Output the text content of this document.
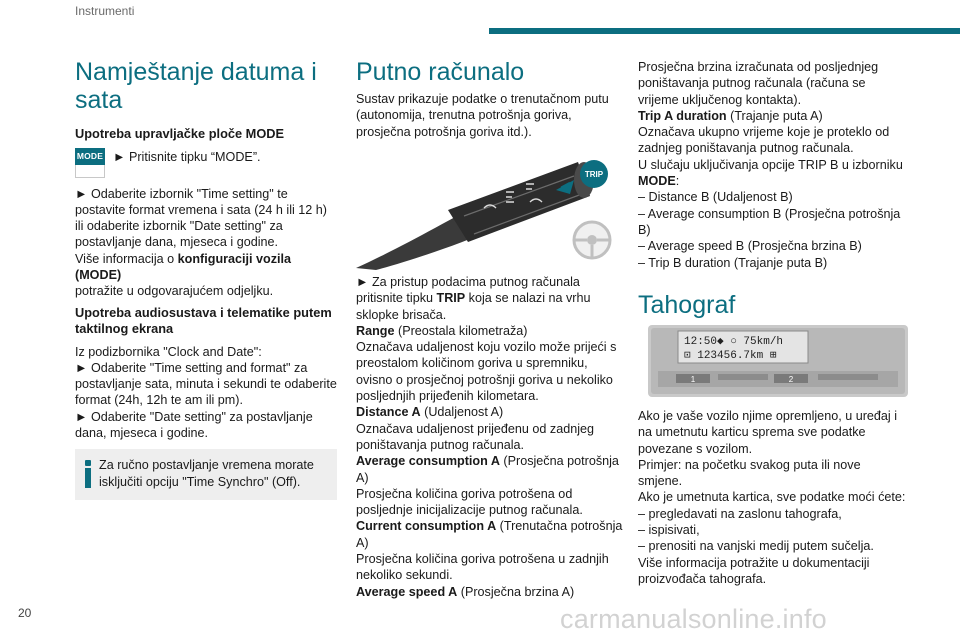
Instrumenti
Namještanje datuma i sata
Upotreba upravljačke ploče MODE
MODE ► Pritisnite tipku “MODE”.

► Odaberite izbornik "Time setting" te postavite format vremena i sata (24 h ili 12 h) ili odaberite izbornik "Date setting" za postavljanje dana, mjeseca i godine.

Više informacija o konfiguraciji vozila (MODE)
potražite u odgovarajućem odjeljku.

Upotreba audiosustava i telematike putem taktilnog ekrana

Iz podizbornika "Clock and Date":

► Odaberite "Time setting and format" za postavljanje sata, minuta i sekundi te odaberite format (24h, 12h te am ili pm).

► Odaberite "Date setting" za postavljanje dana, mjeseca i godine.

Za ručno postavljanje vremena morate isključiti opciju "Time Synchro" (Off).

Putno računalo

Sustav prikazuje podatke o trenutačnom putu (autonomija, trenutna potrošnja goriva, prosječna potrošnja goriva itd.).

TRIP

► Za pristup podacima putnog računala pritisnite tipku TRIP koja se nalazi na vrhu sklopke brisača.

Range (Preostala kilometraža)

Označava udaljenost koju vozilo može prijeći s preostalom količinom goriva u spremniku, ovisno o prosječnoj potrošnji goriva u nekoliko posljednjih prijeđenih kilometara.

Distance A (Udaljenost A)

Označava udaljenost prijeđenu od zadnjeg poništavanja putnog računala.

Average consumption A (Prosječna potrošnja A)

Prosječna količina goriva potrošena od posljednje inicijalizacije putnog računala.

Current consumption A (Trenutačna potrošnja A)

Prosječna količina goriva potrošena u zadnjih nekoliko sekundi.

Average speed A (Prosječna brzina A)

Prosječna brzina izračunata od posljednjeg poništavanja putnog računala (računa se vrijeme uključenog kontakta).

Trip A duration (Trajanje puta A)

Označava ukupno vrijeme koje je proteklo od zadnjeg poništavanja putnog računala.

U slučaju uključivanja opcije TRIP B u izborniku MODE:

– Distance B (Udaljenost B)

– Average consumption B (Prosječna potrošnja B)

– Average speed B (Prosječna brzina B)

– Trip B duration (Trajanje puta B)

Tahograf
12:50◆ ○ 75km/h
⊡ 123456.7km ⊞
1	2

Ako je vaše vozilo njime opremljeno, u uređaj i na umetnutu karticu sprema sve podatke povezane s vozilom.

Primjer: na početku svakog puta ili nove smjene.

Ako je umetnuta kartica, sve podatke moći ćete:

– pregledavati na zaslonu tahografa,

– ispisivati,

– prenositi na vanjski medij putem sučelja.

Više informacija potražite u dokumentaciji proizvođača tahografa.

20	carmanualsonline.info
